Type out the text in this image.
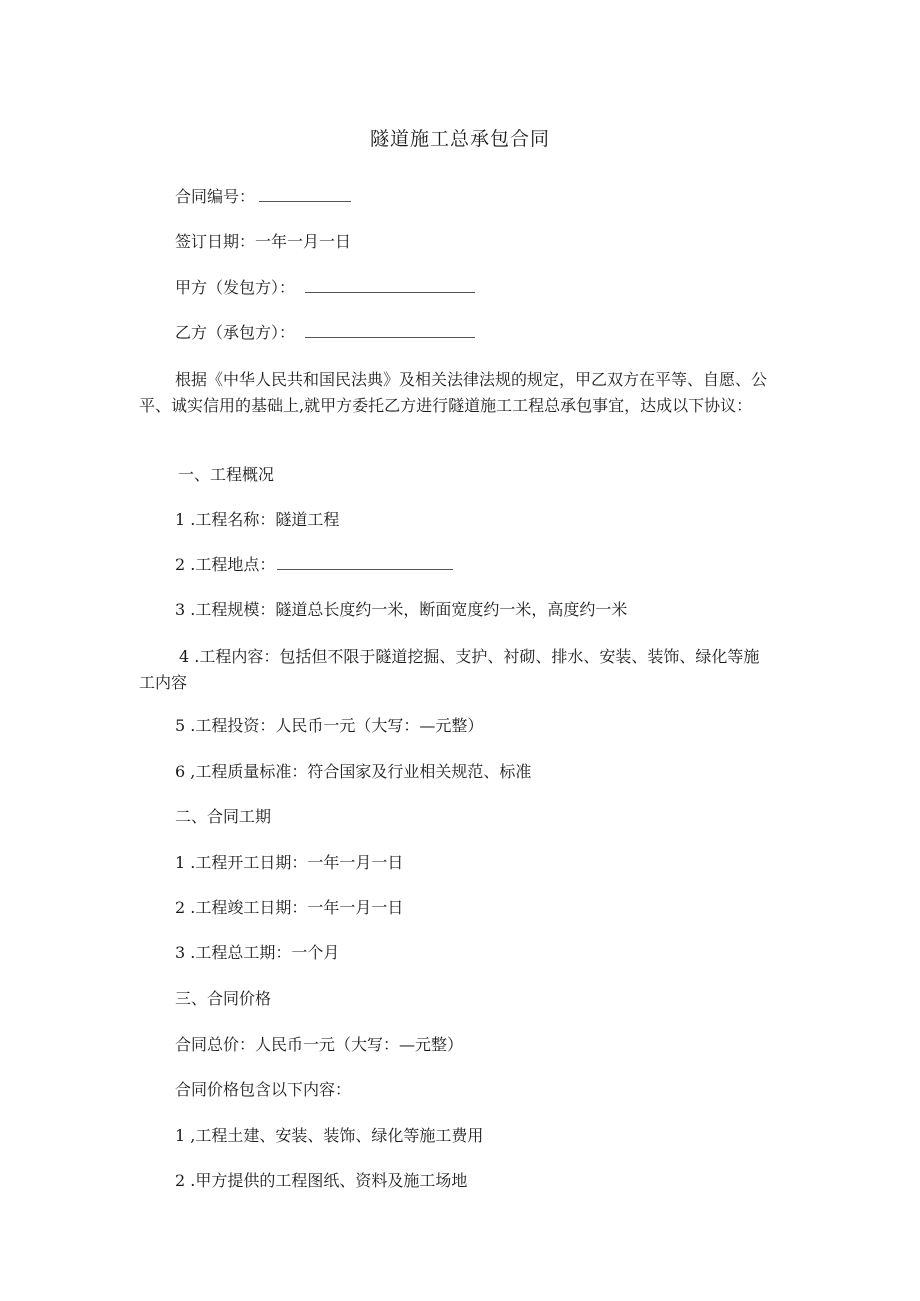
隧道施工总承包合同
合同编号：
签订日期：一年一月一日
甲方（发包方）：
乙方（承包方）：
根据《中华人民共和国民法典》及相关法律法规的规定，甲乙双方在平等、自愿、公平、诚实信用的基础上,就甲方委托乙方进行隧道施工工程总承包事宜，达成以下协议：
一、工程概况
1 .工程名称：隧道工程
2 .工程地点：
3 .工程规模：隧道总长度约一米，断面宽度约一米，高度约一米
4 .工程内容：包括但不限于隧道挖掘、支护、衬砌、排水、安装、装饰、绿化等施工内容
5 .工程投资：人民币一元（大写：—元整）
6 ,工程质量标准：符合国家及行业相关规范、标准
二、合同工期
1 .工程开工日期：一年一月一日
2 .工程竣工日期：一年一月一日
3 .工程总工期：一个月
三、合同价格
合同总价：人民币一元（大写：—元整）
合同价格包含以下内容：
1 ,工程土建、安装、装饰、绿化等施工费用
2 .甲方提供的工程图纸、资料及施工场地
